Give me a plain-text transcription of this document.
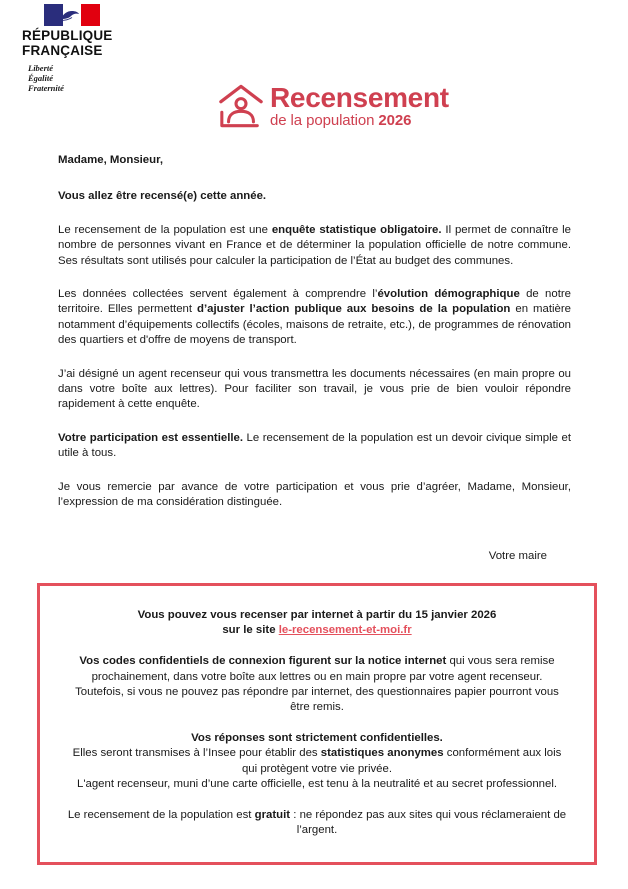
RÉPUBLIQUE
FRANÇAISE
Liberté
Égalité
Fraternité	Recensement
de la population 2026

Madame, Monsieur,

Vous allez être recensé(e) cette année.

Le recensement de la population est une enquête statistique obligatoire. Il permet de connaître le nombre de personnes vivant en France et de déterminer la population officielle de notre commune. Ses résultats sont utilisés pour calculer la participation de l’État au budget des communes.

Les données collectées servent également à comprendre l’évolution démographique de notre territoire. Elles permettent d’ajuster l’action publique aux besoins de la population en matière notamment d’équipements collectifs (écoles, maisons de retraite, etc.), de programmes de rénovation des quartiers et d'offre de moyens de transport.

J’ai désigné un agent recenseur qui vous transmettra les documents nécessaires (en main propre ou dans votre boîte aux lettres). Pour faciliter son travail, je vous prie de bien vouloir répondre rapidement à cette enquête.

Votre participation est essentielle. Le recensement de la population est un devoir civique simple et utile à tous.

Je vous remercie par avance de votre participation et vous prie d’agréer, Madame, Monsieur, l’expression de ma considération distinguée.

Votre maire

Vous pouvez vous recenser par internet à partir du 15 janvier 2026
sur le site le-recensement-et-moi.fr

Vos codes confidentiels de connexion figurent sur la notice internet qui vous sera remise prochainement, dans votre boîte aux lettres ou en main propre par votre agent recenseur. Toutefois, si vous ne pouvez pas répondre par internet, des questionnaires papier pourront vous être remis.

Vos réponses sont strictement confidentielles.
Elles seront transmises à l’Insee pour établir des statistiques anonymes conformément aux lois qui protègent votre vie privée.
L'agent recenseur, muni d’une carte officielle, est tenu à la neutralité et au secret professionnel.

Le recensement de la population est gratuit : ne répondez pas aux sites qui vous réclameraient de l’argent.
